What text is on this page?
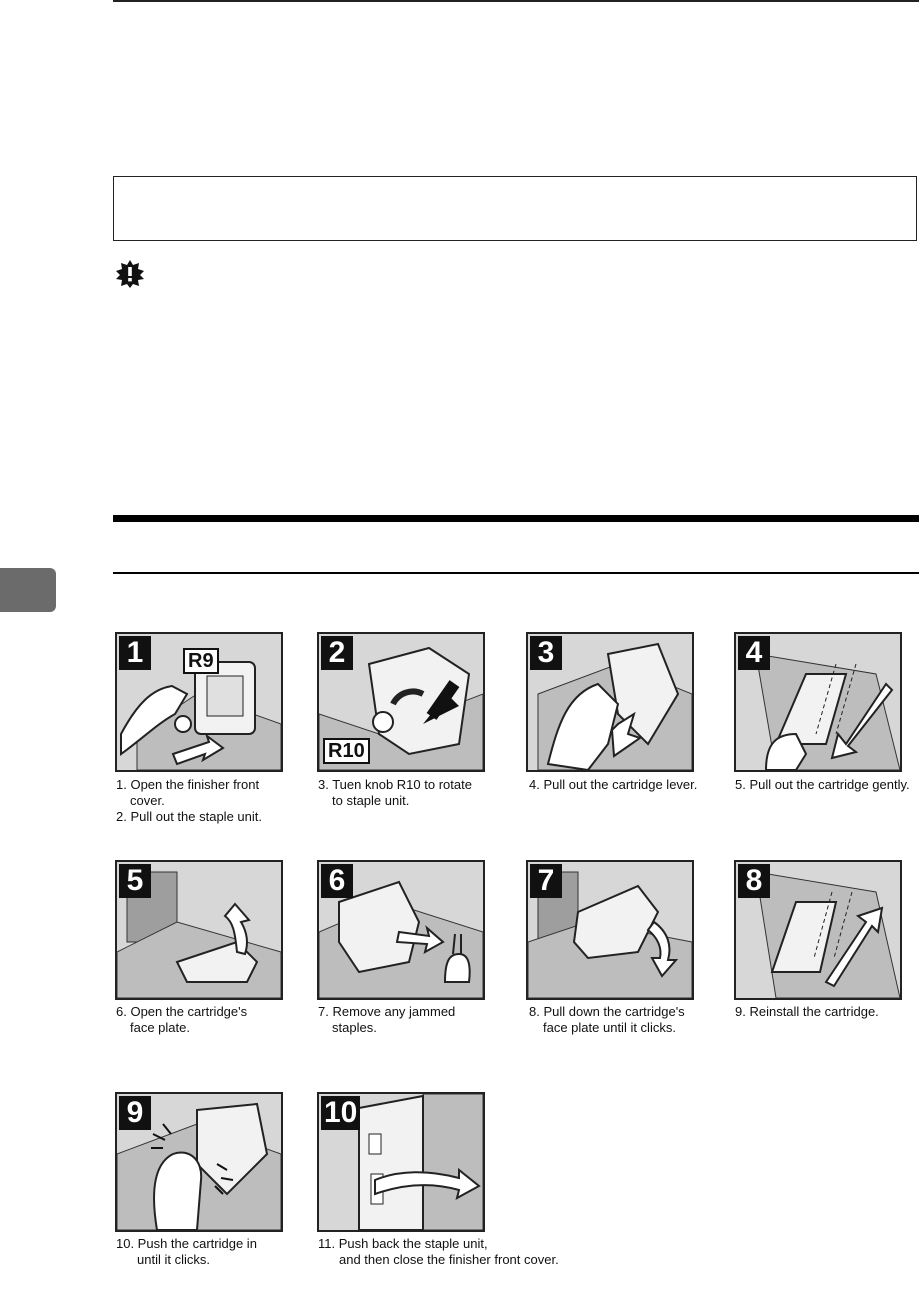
1	R9
1. Open the finisher front
cover.
2. Pull out the staple unit.
2
R10
3. Tuen knob R10 to rotate
to staple unit.
3
4. Pull out the cartridge lever.
4
5. Pull out the cartridge gently.
5
6. Open the cartridge's
face plate.
6
7. Remove any jammed
staples.
7
8. Pull down the cartridge's
face plate until it clicks.
8
9. Reinstall the cartridge.
9
10. Push the cartridge in
until it clicks.
10
11. Push back the staple unit,
and then close the finisher front cover.
